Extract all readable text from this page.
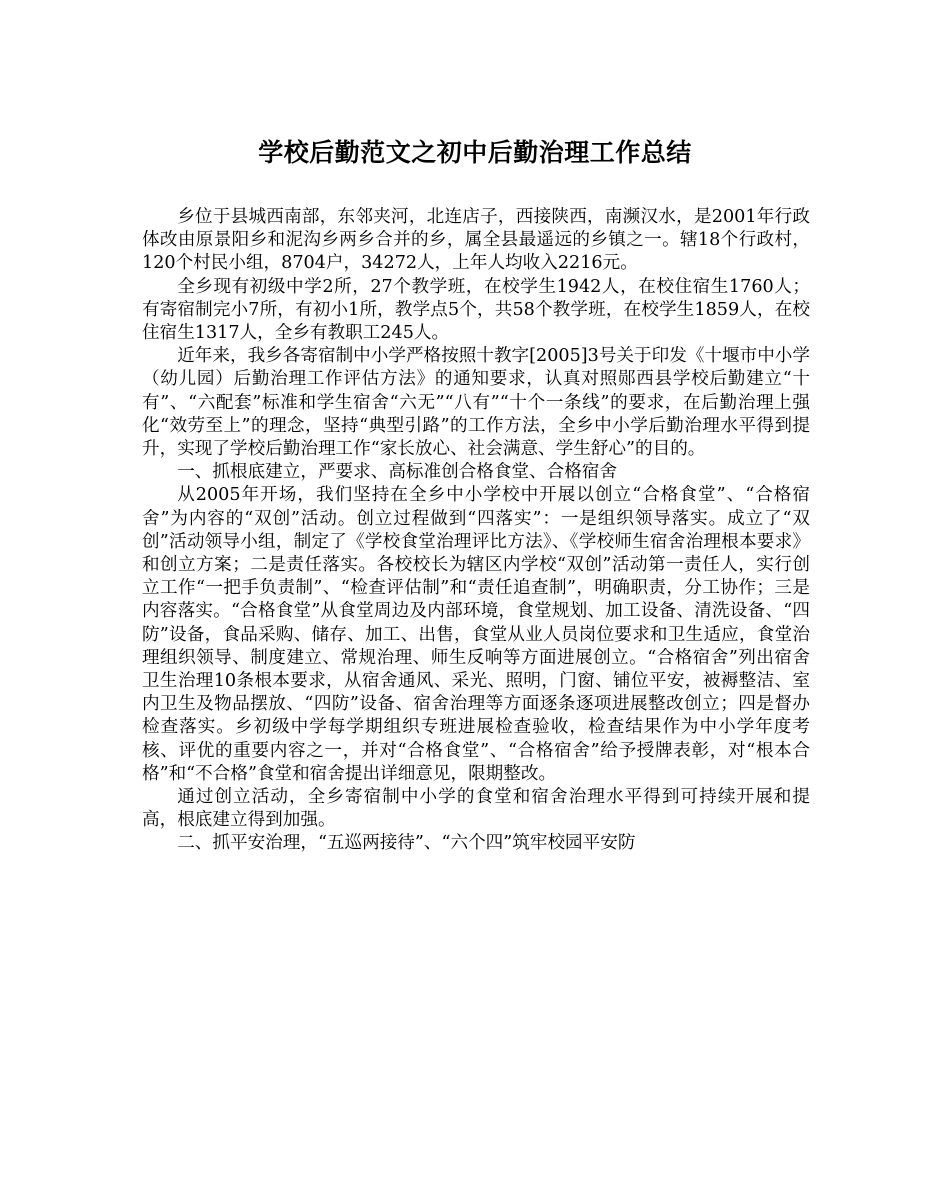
学校后勤范文之初中后勤治理工作总结

乡位于县城西南部，东邻夹河，北连店子，西接陕西，南濒汉水，是2001年行政体改由原景阳乡和泥沟乡两乡合并的乡，属全县最遥远的乡镇之一。辖18个行政村，120个村民小组，8704户，34272人，上年人均收入2216元。

全乡现有初级中学2所，27个教学班，在校学生1942人，在校住宿生1760人；有寄宿制完小7所，有初小1所，教学点5个，共58个教学班，在校学生1859人，在校住宿生1317人，全乡有教职工245人。

近年来，我乡各寄宿制中小学严格按照十教字[2005]3号关于印发《十堰市中小学（幼儿园）后勤治理工作评估方法》的通知要求，认真对照郧西县学校后勤建立“十有”、“六配套”标准和学生宿舍“六无”“八有”“十个一条线”的要求，在后勤治理上强化“效劳至上”的理念，坚持“典型引路”的工作方法，全乡中小学后勤治理水平得到提升，实现了学校后勤治理工作“家长放心、社会满意、学生舒心”的目的。

一、抓根底建立，严要求、高标准创合格食堂、合格宿舍

从2005年开场，我们坚持在全乡中小学校中开展以创立“合格食堂”、“合格宿舍”为内容的“双创”活动。创立过程做到“四落实”：一是组织领导落实。成立了“双创”活动领导小组，制定了《学校食堂治理评比方法》、《学校师生宿舍治理根本要求》和创立方案；二是责任落实。各校校长为辖区内学校“双创”活动第一责任人，实行创立工作“一把手负责制”、“检查评估制”和“责任追查制”，明确职责，分工协作；三是内容落实。“合格食堂”从食堂周边及内部环境，食堂规划、加工设备、清洗设备、“四防”设备，食品采购、储存、加工、出售，食堂从业人员岗位要求和卫生适应，食堂治理组织领导、制度建立、常规治理、师生反响等方面进展创立。“合格宿舍”列出宿舍卫生治理10条根本要求，从宿舍通风、采光、照明，门窗、铺位平安，被褥整洁、室内卫生及物品摆放、“四防”设备、宿舍治理等方面逐条逐项进展整改创立；四是督办检查落实。乡初级中学每学期组织专班进展检查验收，检查结果作为中小学年度考核、评优的重要内容之一，并对“合格食堂”、“合格宿舍”给予授牌表彰，对“根本合格”和“不合格”食堂和宿舍提出详细意见，限期整改。

通过创立活动，全乡寄宿制中小学的食堂和宿舍治理水平得到可持续开展和提高，根底建立得到加强。

二、抓平安治理，“五巡两接待”、“六个四”筑牢校园平安防
